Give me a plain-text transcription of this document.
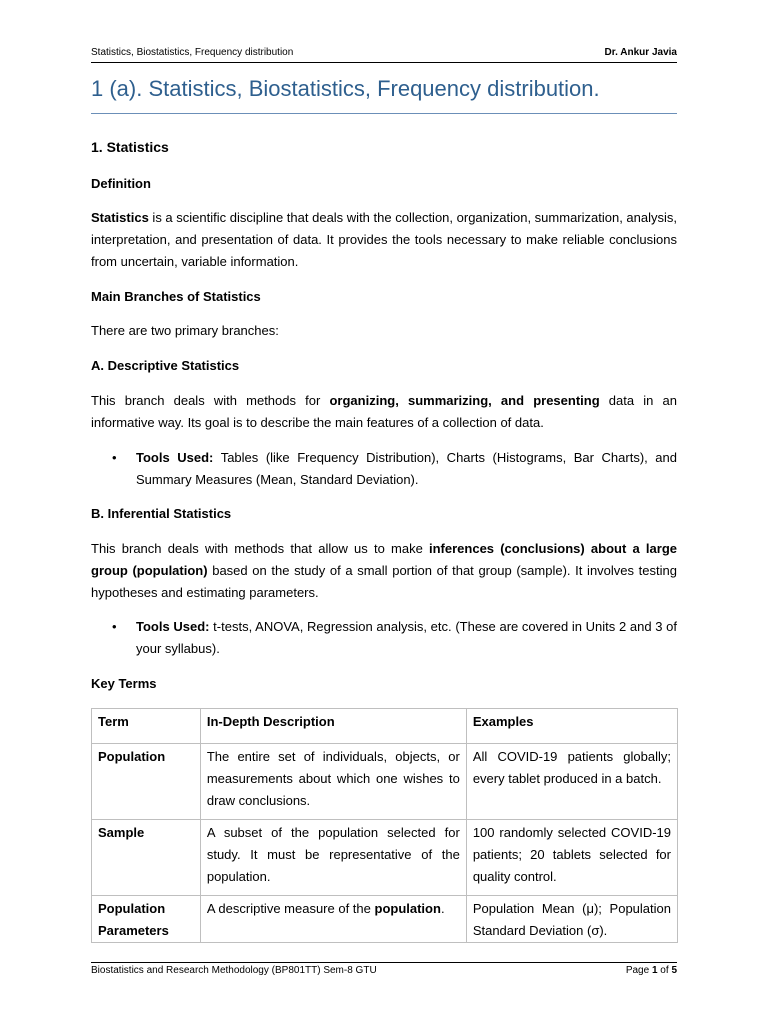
Statistics, Biostatistics, Frequency distribution	Dr. Ankur Javia
1 (a). Statistics, Biostatistics, Frequency distribution.
1. Statistics
Definition
Statistics is a scientific discipline that deals with the collection, organization, summarization, analysis, interpretation, and presentation of data. It provides the tools necessary to make reliable conclusions from uncertain, variable information.
Main Branches of Statistics
There are two primary branches:
A. Descriptive Statistics
This branch deals with methods for organizing, summarizing, and presenting data in an informative way. Its goal is to describe the main features of a collection of data.
• Tools Used: Tables (like Frequency Distribution), Charts (Histograms, Bar Charts), and Summary Measures (Mean, Standard Deviation).
B. Inferential Statistics
This branch deals with methods that allow us to make inferences (conclusions) about a large group (population) based on the study of a small portion of that group (sample). It involves testing hypotheses and estimating parameters.
• Tools Used: t-tests, ANOVA, Regression analysis, etc. (These are covered in Units 2 and 3 of your syllabus).
Key Terms
Term	In-Depth Description	Examples

Population	The entire set of individuals, objects, or measurements about which one wishes to draw conclusions.	All COVID-19 patients globally; every tablet produced in a batch.

Sample	A subset of the population selected for study. It must be representative of the population.	100 randomly selected COVID-19 patients; 20 tablets selected for quality control.

Population Parameters	A descriptive measure of the population.	Population Mean (μ); Population Standard Deviation (σ).
Biostatistics and Research Methodology (BP801TT) Sem-8 GTU	Page 1 of 5
